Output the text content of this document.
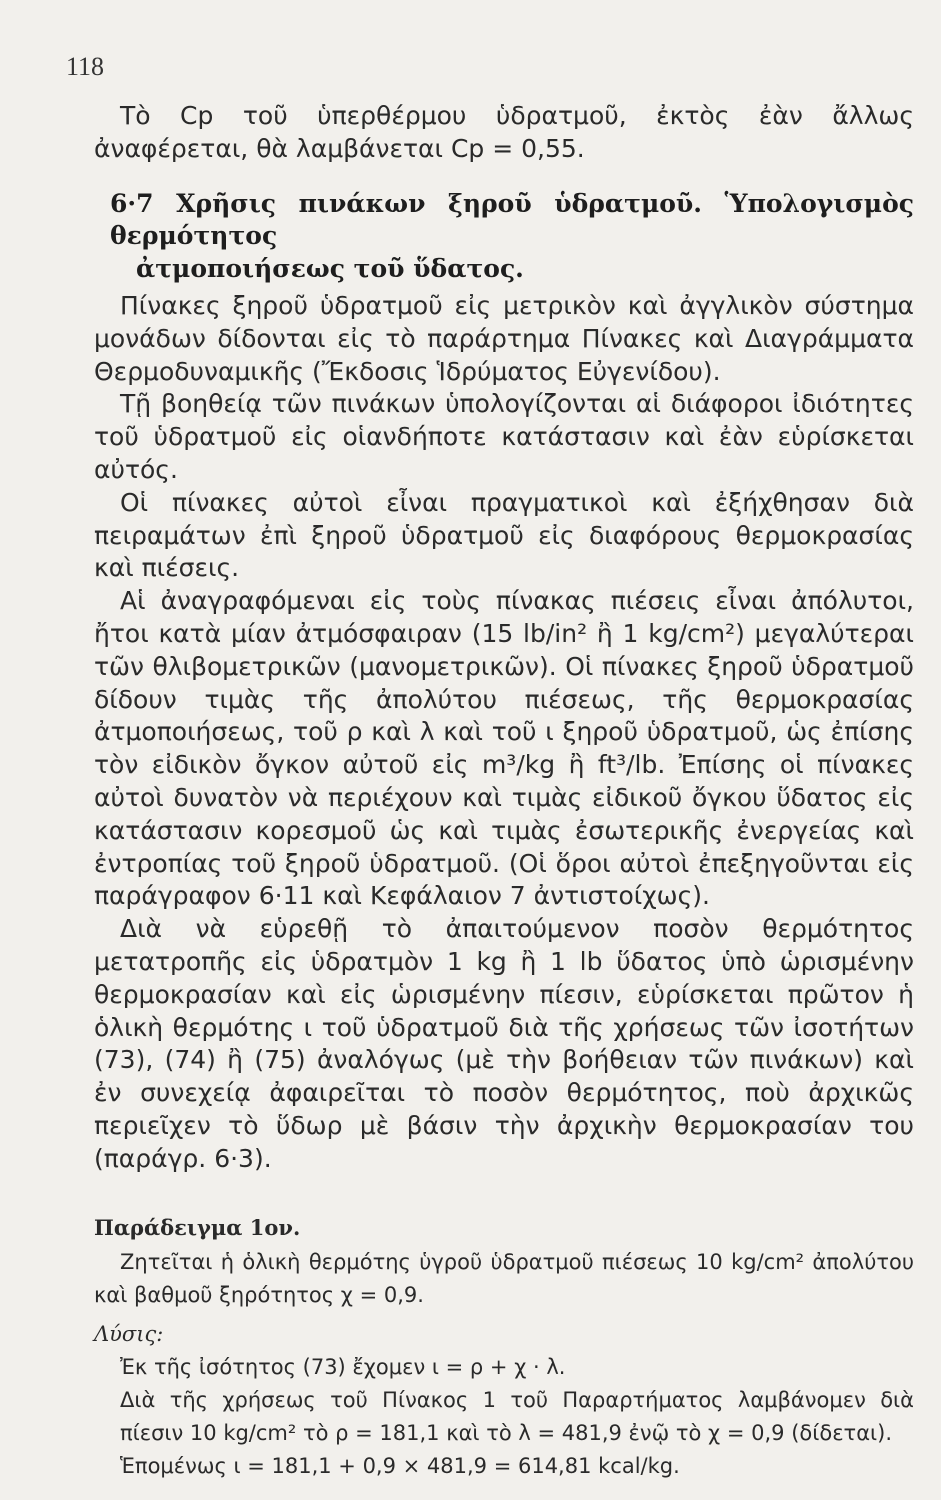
118

Τὸ Cp τοῦ ὑπερθέρμου ὑδρατμοῦ, ἐκτὸς ἐὰν ἄλλως ἀναφέρεται, θὰ λαμβάνεται Cp = 0,55.

6·7 Χρῆσις πινάκων ξηροῦ ὑδρατμοῦ. Ὑπολογισμὸς θερμότητος
ἀτμοποιήσεως τοῦ ὕδατος.

Πίνακες ξηροῦ ὑδρατμοῦ εἰς μετρικὸν καὶ ἀγγλικὸν σύστημα μονάδων δίδονται εἰς τὸ παράρτημα Πίνακες καὶ Διαγράμματα Θερμοδυναμικῆς (Ἔκδοσις Ἱδρύματος Εὐγενίδου).

Τῇ βοηθείᾳ τῶν πινάκων ὑπολογίζονται αἱ διάφοροι ἰδιότητες τοῦ ὑδρατμοῦ εἰς οἱανδήποτε κατάστασιν καὶ ἐὰν εὑρίσκεται αὐτός.

Οἱ πίνακες αὐτοὶ εἶναι πραγματικοὶ καὶ ἐξήχθησαν διὰ πειραμάτων ἐπὶ ξηροῦ ὑδρατμοῦ εἰς διαφόρους θερμοκρασίας καὶ πιέσεις.

Αἱ ἀναγραφόμεναι εἰς τοὺς πίνακας πιέσεις εἶναι ἀπόλυτοι, ἤτοι κατὰ μίαν ἀτμόσφαιραν (15 lb/in² ἢ 1 kg/cm²) μεγαλύτεραι τῶν θλιβομετρικῶν (μανομετρικῶν). Οἱ πίνακες ξηροῦ ὑδρατμοῦ δίδουν τιμὰς τῆς ἀπολύτου πιέσεως, τῆς θερμοκρασίας ἀτμοποιήσεως, τοῦ ρ καὶ λ καὶ τοῦ ι ξηροῦ ὑδρατμοῦ, ὡς ἐπίσης τὸν εἰδικὸν ὄγκον αὐτοῦ εἰς m³/kg ἢ ft³/lb. Ἐπίσης οἱ πίνακες αὐτοὶ δυνατὸν νὰ περιέχουν καὶ τιμὰς εἰδικοῦ ὄγκου ὕδατος εἰς κατάστασιν κορεσμοῦ ὡς καὶ τιμὰς ἐσωτερικῆς ἐνεργείας καὶ ἐντροπίας τοῦ ξηροῦ ὑδρατμοῦ. (Οἱ ὅροι αὐτοὶ ἐπεξηγοῦνται εἰς παράγραφον 6·11 καὶ Κεφάλαιον 7 ἀντιστοίχως).

Διὰ νὰ εὑρεθῇ τὸ ἀπαιτούμενον ποσὸν θερμότητος μετατροπῆς εἰς ὑδρατμὸν 1 kg ἢ 1 lb ὕδατος ὑπὸ ὡρισμένην θερμοκρασίαν καὶ εἰς ὡρισμένην πίεσιν, εὑρίσκεται πρῶτον ἡ ὁλικὴ θερμότης ι τοῦ ὑδρατμοῦ διὰ τῆς χρήσεως τῶν ἰσοτήτων (73), (74) ἢ (75) ἀναλόγως (μὲ τὴν βοήθειαν τῶν πινάκων) καὶ ἐν συνεχείᾳ ἀφαιρεῖται τὸ ποσὸν θερμότητος, ποὺ ἀρχικῶς περιεῖχεν τὸ ὕδωρ μὲ βάσιν τὴν ἀρχικὴν θερμοκρασίαν του (παράγρ. 6·3).

Παράδειγμα 1ον.

Ζητεῖται ἡ ὁλικὴ θερμότης ὑγροῦ ὑδρατμοῦ πιέσεως 10 kg/cm² ἀπολύτου καὶ βαθμοῦ ξηρότητος χ = 0,9.

Λύσις:

Ἐκ τῆς ἰσότητος (73) ἔχομεν ι = ρ + χ · λ.

Διὰ τῆς χρήσεως τοῦ Πίνακος 1 τοῦ Παραρτήματος λαμβάνομεν διὰ πίεσιν 10 kg/cm² τὸ ρ = 181,1 καὶ τὸ λ = 481,9 ἐνῷ τὸ χ = 0,9 (δίδεται).

Ἑπομένως ι = 181,1 + 0,9 × 481,9 = 614,81 kcal/kg.
